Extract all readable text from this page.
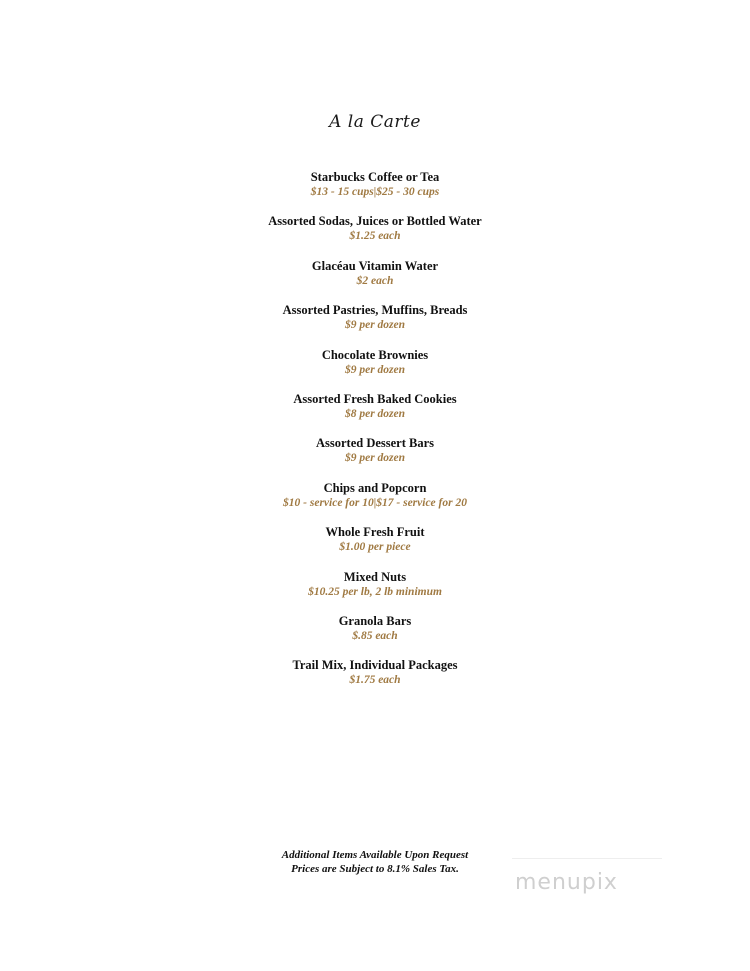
A la Carte
Starbucks Coffee or Tea
$13 - 15 cups|$25 - 30 cups
Assorted Sodas, Juices or Bottled Water
$1.25 each
Glacéau Vitamin Water
$2 each
Assorted Pastries, Muffins, Breads
$9 per dozen
Chocolate Brownies
$9 per dozen
Assorted Fresh Baked Cookies
$8 per dozen
Assorted Dessert Bars
$9 per dozen
Chips and Popcorn
$10 - service for 10|$17 - service for 20
Whole Fresh Fruit
$1.00 per piece
Mixed Nuts
$10.25 per lb, 2 lb minimum
Granola Bars
$.85 each
Trail Mix, Individual Packages
$1.75 each
Additional Items Available Upon Request
Prices are Subject to 8.1% Sales Tax.
menupix
